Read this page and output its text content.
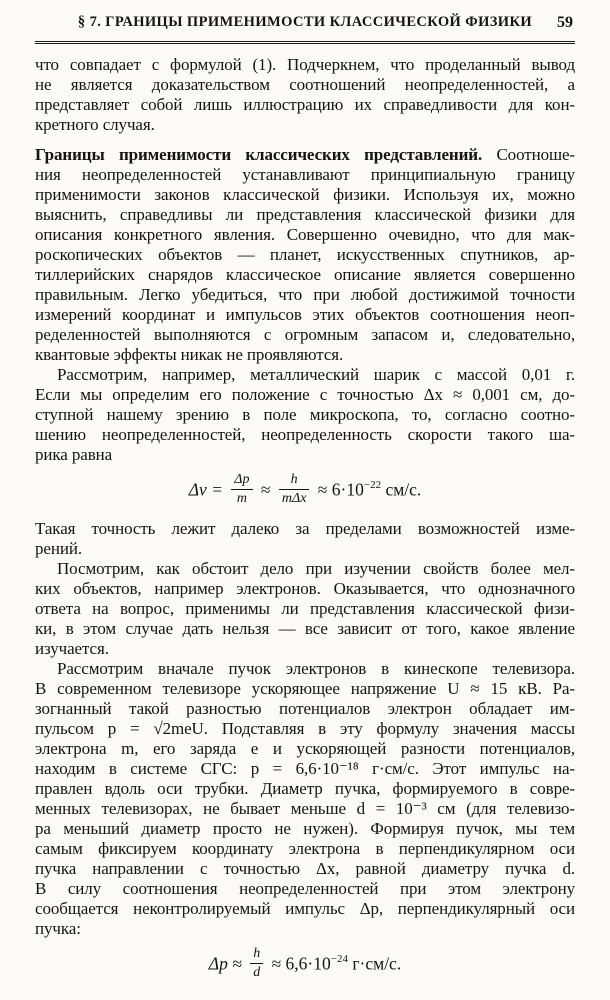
§ 7. ГРАНИЦЫ ПРИМЕНИМОСТИ КЛАССИЧЕСКОЙ ФИЗИКИ	59
что совпадает с формулой (1). Подчеркнем, что проделанный вывод
не является доказательством соотношений неопределенностей, а
представляет собой лишь иллюстрацию их справедливости для кон-
кретного случая.
Границы применимости классических представлений. Соотноше-
ния неопределенностей устанавливают принципиальную границу
применимости законов классической физики. Используя их, можно
выяснить, справедливы ли представления классической физики для
описания конкретного явления. Совершенно очевидно, что для мак-
роскопических объектов — планет, искусственных спутников, ар-
тиллерийских снарядов классическое описание является совершенно
правильным. Легко убедиться, что при любой достижимой точности
измерений координат и импульсов этих объектов соотношения неоп-
ределенностей выполняются с огромным запасом и, следовательно,
квантовые эффекты никак не проявляются.
Рассмотрим, например, металлический шарик с массой 0,01 г.
Если мы определим его положение с точностью Δx ≈ 0,001 см, до-
ступной нашему зрению в поле микроскопа, то, согласно соотно-
шению неопределенностей, неопределенность скорости такого ша-
рика равна
$\Delta v = \frac{\Delta p}{m} \approx \frac{h}{\text{mΔx}} \approx 6\cdot 10^{-22}$ см/с.
Такая точность лежит далеко за пределами возможностей изме-
рений.
Посмотрим, как обстоит дело при изучении свойств более мел-
ких объектов, например электронов. Оказывается, что однозначного
ответа на вопрос, применимы ли представления классической физи-
ки, в этом случае дать нельзя — все зависит от того, какое явление
изучается.
Рассмотрим вначале пучок электронов в кинескопе телевизора.
В современном телевизоре ускоряющее напряжение U ≈ 15 кВ. Ра-
зогнанный такой разностью потенциалов электрон обладает им-
пульсом p = √2meU. Подставляя в эту формулу значения массы
электрона m, его заряда e и ускоряющей разности потенциалов,
находим в системе СГС: p = 6,6·10⁻¹⁸ г·см/с. Этот импульс на-
правлен вдоль оси трубки. Диаметр пучка, формируемого в совре-
менных телевизорах, не бывает меньше d = 10⁻³ см (для телевизо-
ра меньший диаметр просто не нужен). Формируя пучок, мы тем
самым фиксируем координату электрона в перпендикулярном оси
пучка направлении с точностью Δx, равной диаметру пучка d.
В силу соотношения неопределенностей при этом электрону
сообщается неконтролируемый импульс Δp, перпендикулярный оси
пучка:
$\Delta p \approx \frac{h}{d} \approx 6,6\cdot 10^{-24}$ г·см/с.
